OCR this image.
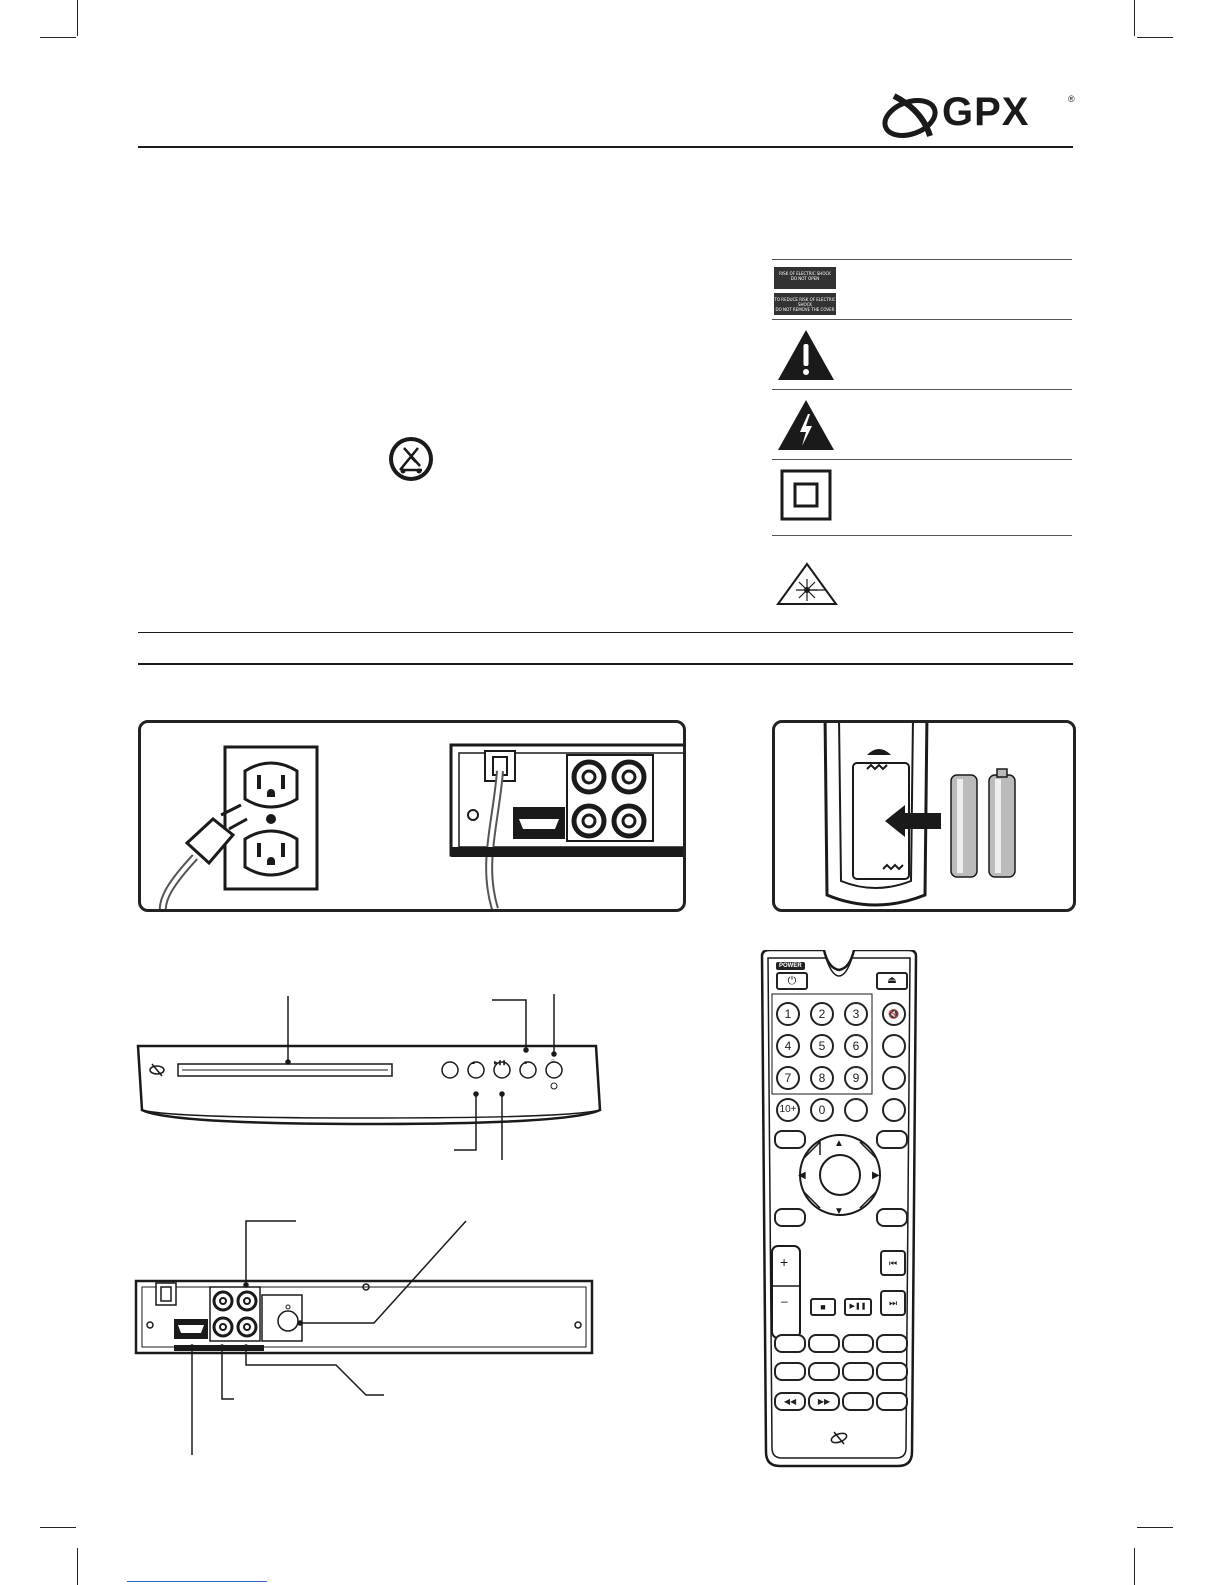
GPX	®
RISK OF ELECTRIC SHOCK
DO NOT OPEN
TO REDUCE RISK OF ELECTRIC SHOCK
DO NOT REMOVE THE COVER
▲	▶❚❚	■	○
POWER
⏻	⏏
1	2	3	🔇
4	5	6
7	8	9
10+	0
▲
▼
◀	▶
+
–
⏮
⏭
■	▶❚❚
◀◀	▶▶
